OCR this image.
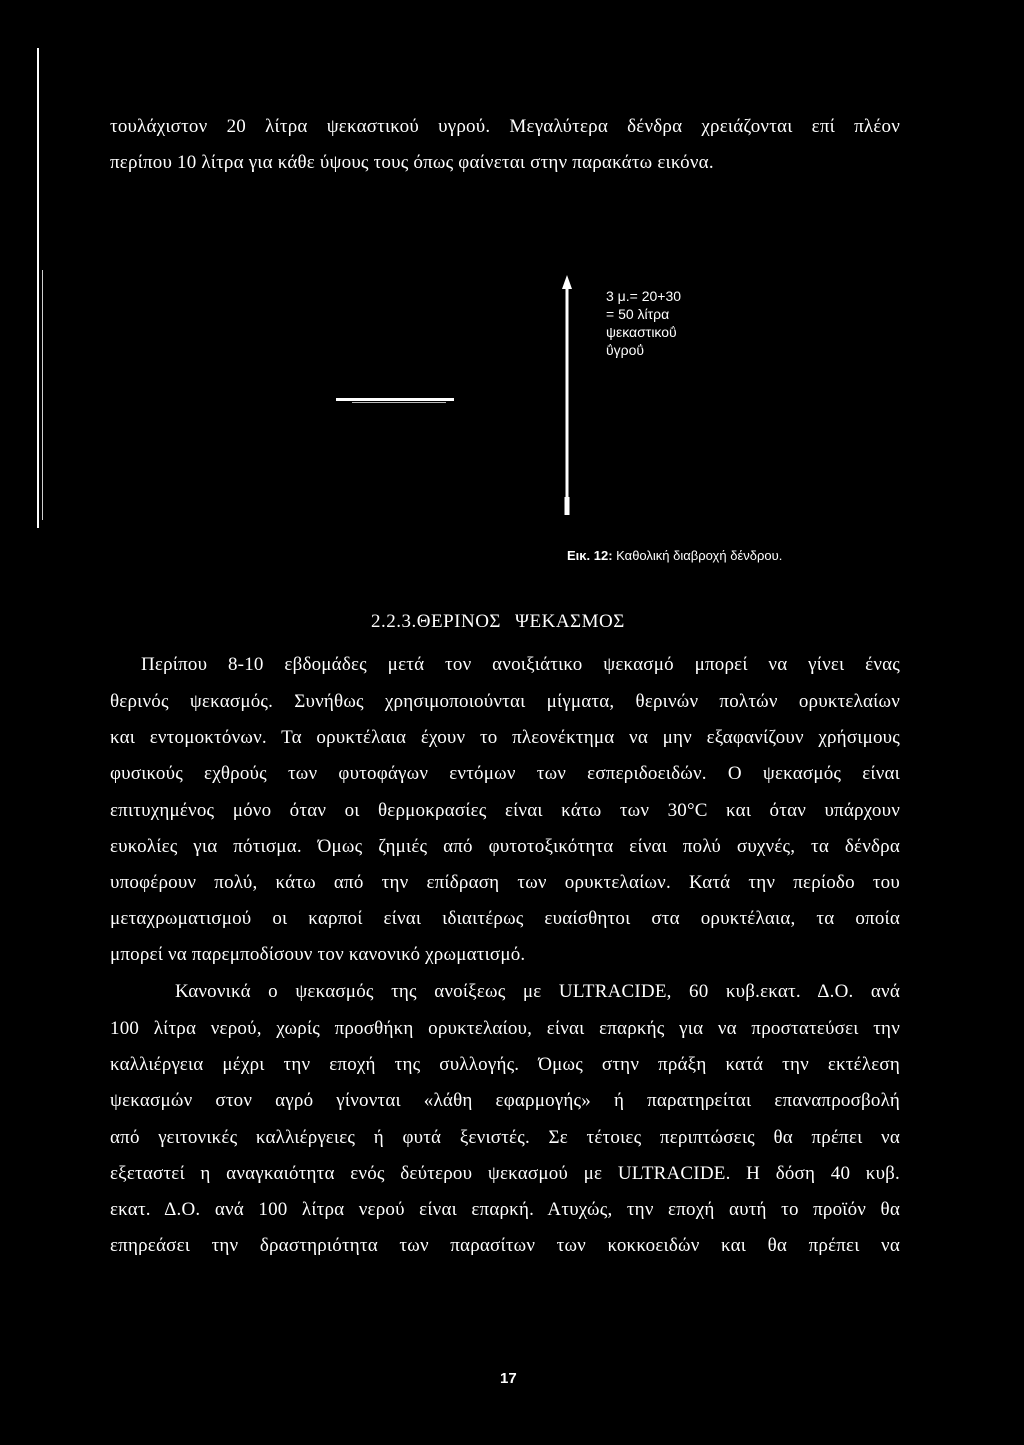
τουλάχιστον 20 λίτρα ψεκαστικού υγρού. Μεγαλύτερα δένδρα χρειάζονται επί πλέον
περίπου 10 λίτρα για κάθε ύψους τους όπως φαίνεται στην παρακάτω εικόνα.
3 μ.= 20+30
= 50 λίτρα
ψεκαστικοΰ
ΰγροΰ
Εικ. 12: Καθολική διαβροχή δένδρου.
2.2.3.ΘΕΡΙΝΟΣ ΨΕΚΑΣΜΟΣ
Περίπου 8-10 εβδομάδες μετά τον ανοιξιάτικο ψεκασμό μπορεί να γίνει ένας
θερινός ψεκασμός. Συνήθως χρησιμοποιούνται μίγματα, θερινών πολτών ορυκτελαίων
και εντομοκτόνων. Τα ορυκτέλαια έχουν το πλεονέκτημα να μην εξαφανίζουν χρήσιμους
φυσικούς εχθρούς των φυτοφάγων εντόμων των εσπεριδοειδών. Ο ψεκασμός είναι
επιτυχημένος μόνο όταν οι θερμοκρασίες είναι κάτω των 30°C και όταν υπάρχουν
ευκολίες για πότισμα. Όμως ζημιές από φυτοτοξικότητα είναι πολύ συχνές, τα δένδρα
υποφέρουν πολύ, κάτω από την επίδραση των ορυκτελαίων. Κατά την περίοδο του
μεταχρωματισμού οι καρποί είναι ιδιαιτέρως ευαίσθητοι στα ορυκτέλαια, τα οποία
μπορεί να παρεμποδίσουν τον κανονικό χρωματισμό.
Κανονικά ο ψεκασμός της ανοίξεως με ULTRACIDE, 60 κυβ.εκατ. Δ.Ο. ανά
100 λίτρα νερού, χωρίς προσθήκη ορυκτελαίου, είναι επαρκής για να προστατεύσει την
καλλιέργεια μέχρι την εποχή της συλλογής. Όμως στην πράξη κατά την εκτέλεση
ψεκασμών στον αγρό γίνονται «λάθη εφαρμογής» ή παρατηρείται επαναπροσβολή
από γειτονικές καλλιέργειες ή φυτά ξενιστές. Σε τέτοιες περιπτώσεις θα πρέπει να
εξεταστεί η αναγκαιότητα ενός δεύτερου ψεκασμού με ULTRACIDE. Η δόση 40 κυβ.
εκατ. Δ.Ο. ανά 100 λίτρα νερού είναι επαρκή. Ατυχώς, την εποχή αυτή το προϊόν θα
επηρεάσει την δραστηριότητα των παρασίτων των κοκκοειδών και θα πρέπει να
17
